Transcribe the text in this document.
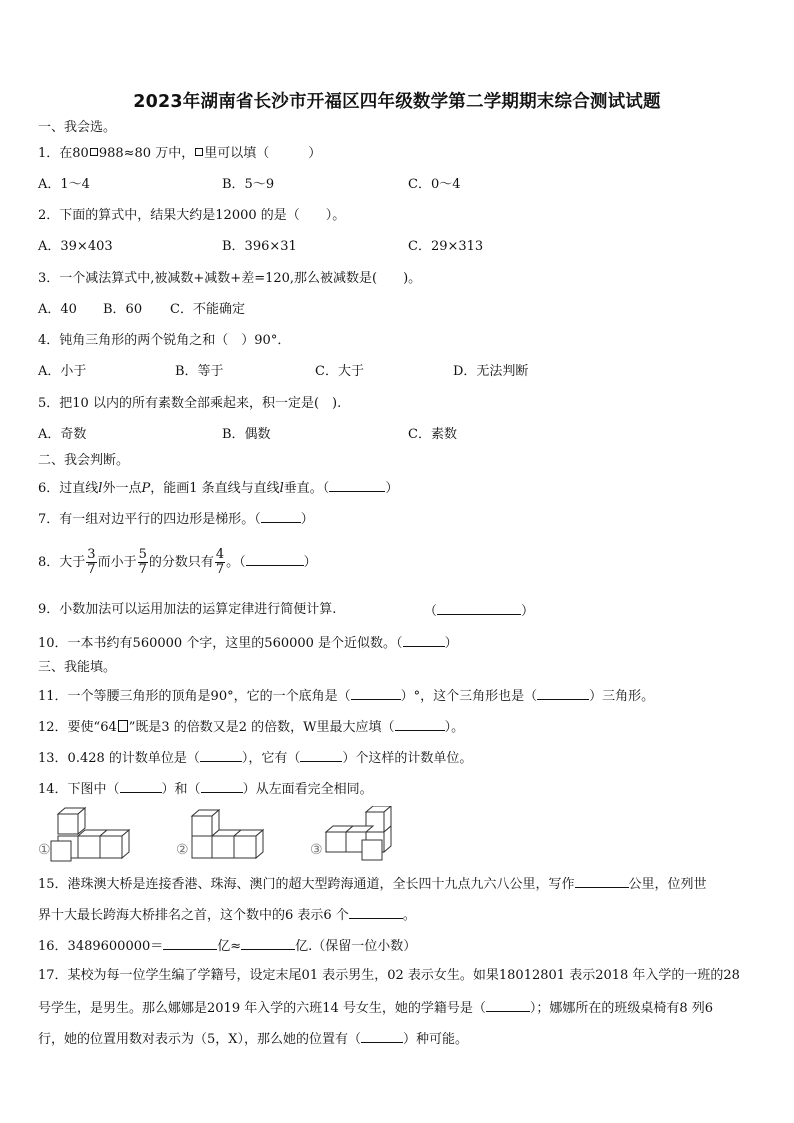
2023年湖南省长沙市开福区四年级数学第二学期期末综合测试试题
一、我会选。
1．在80 988≈80 万中， 里可以填（　　　）
A．1～4	B．5～9	C．0～4
2．下面的算式中，结果大约是12000 的是（　　）。
A．39×403	B．396×31	C．29×313
3．一个减法算式中,被减数+减数+差=120,那么被减数是(　　)。
A．40 B．60 C．不能确定
4．钝角三角形的两个锐角之和（　）90°．
A．小于	B．等于	C．大于	D．无法判断
5．把10 以内的所有素数全部乘起来，积一定是(　).
A．奇数	B．偶数	C．素数
二、我会判断。
6．过直线l外一点P，能画1 条直线与直线l垂直。（	）
7．有一组对边平行的四边形是梯形。（	）
8．大于 $\frac{3}{7}$ 而小于 $\frac{5}{7}$ 的分数只有 $\frac{4}{7}$ 。（	）
9．小数加法可以运用加法的运算定律进行简便计算.	（	）
10．一本书约有560000 个字，这里的560000 是个近似数。（	）
三、我能填。
11．一个等腰三角形的顶角是90°，它的一个底角是（	）°，这个三角形也是（	）三角形。
12．要使“64 ”既是3 的倍数又是2 的倍数，W里最大应填（	）。
13．0.428 的计数单位是（	），它有（	）个这样的计数单位。
14．下图中（	）和（	）从左面看完全相同。
①	②	③
15．港珠澳大桥是连接香港、珠海、澳门的超大型跨海通道，全长四十九点九六八公里，写作	公里，位列世
界十大最长跨海大桥排名之首，这个数中的6 表示6 个	。
16．3489600000＝	亿≈	亿.（保留一位小数）
17．某校为每一位学生编了学籍号，设定末尾01 表示男生，02 表示女生。如果18012801 表示2018 年入学的一班的28
号学生，是男生。那么娜娜是2019 年入学的六班14 号女生，她的学籍号是（	）；娜娜所在的班级桌椅有8 列6
行，她的位置用数对表示为（5，X），那么她的位置有（	）种可能。
